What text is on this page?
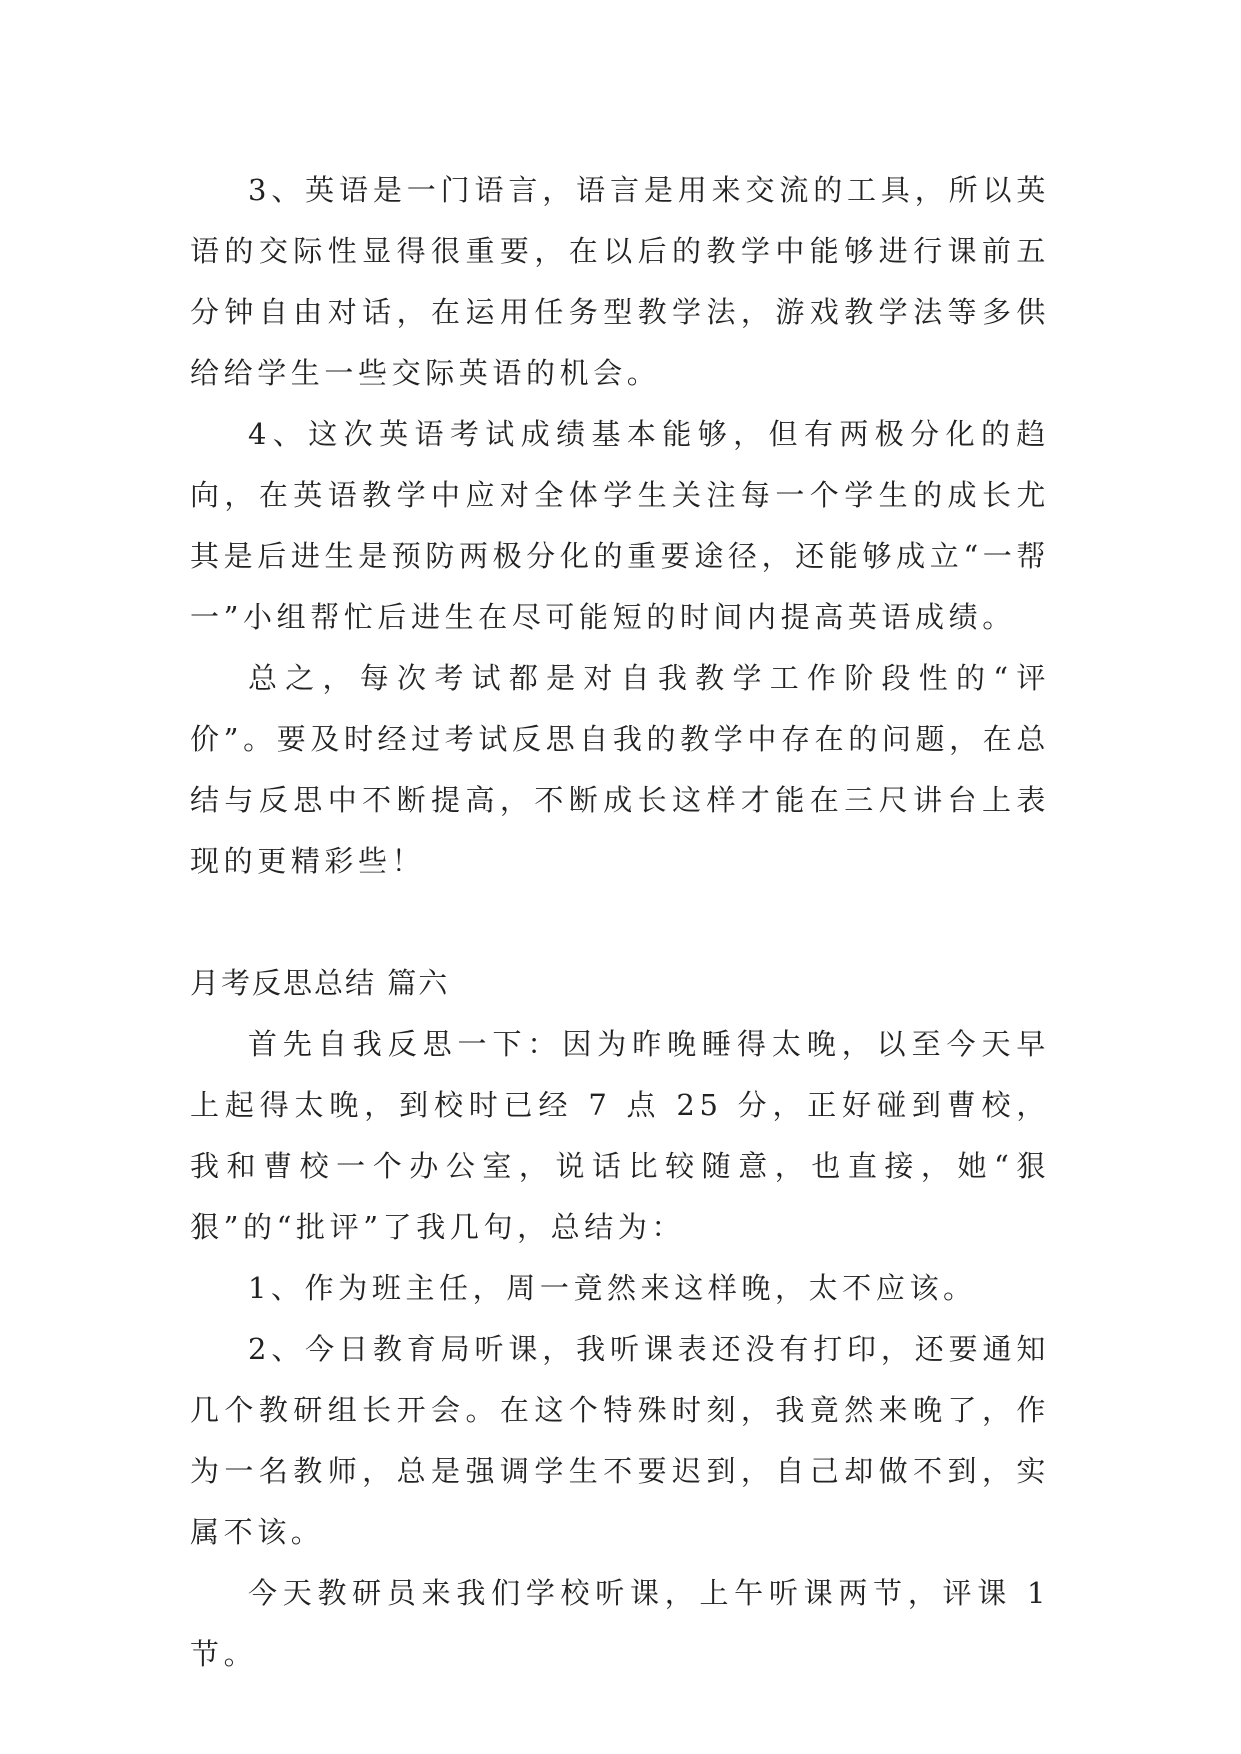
3、英语是一门语言，语言是用来交流的工具，所以英语的交际性显得很重要，在以后的教学中能够进行课前五分钟自由对话，在运用任务型教学法，游戏教学法等多供给给学生一些交际英语的机会。

4、这次英语考试成绩基本能够，但有两极分化的趋向，在英语教学中应对全体学生关注每一个学生的成长尤其是后进生是预防两极分化的重要途径，还能够成立“一帮一”小组帮忙后进生在尽可能短的时间内提高英语成绩。

总之，每次考试都是对自我教学工作阶段性的“评价”。要及时经过考试反思自我的教学中存在的问题，在总结与反思中不断提高，不断成长这样才能在三尺讲台上表现的更精彩些！

月考反思总结 篇六

首先自我反思一下：因为昨晚睡得太晚，以至今天早上起得太晚，到校时已经 7 点 25 分，正好碰到曹校，我和曹校一个办公室，说话比较随意，也直接，她“狠狠”的“批评”了我几句，总结为：

1、作为班主任，周一竟然来这样晚，太不应该。

2、今日教育局听课，我听课表还没有打印，还要通知几个教研组长开会。在这个特殊时刻，我竟然来晚了，作为一名教师，总是强调学生不要迟到，自己却做不到，实属不该。

今天教研员来我们学校听课，上午听课两节，评课 1 节。
